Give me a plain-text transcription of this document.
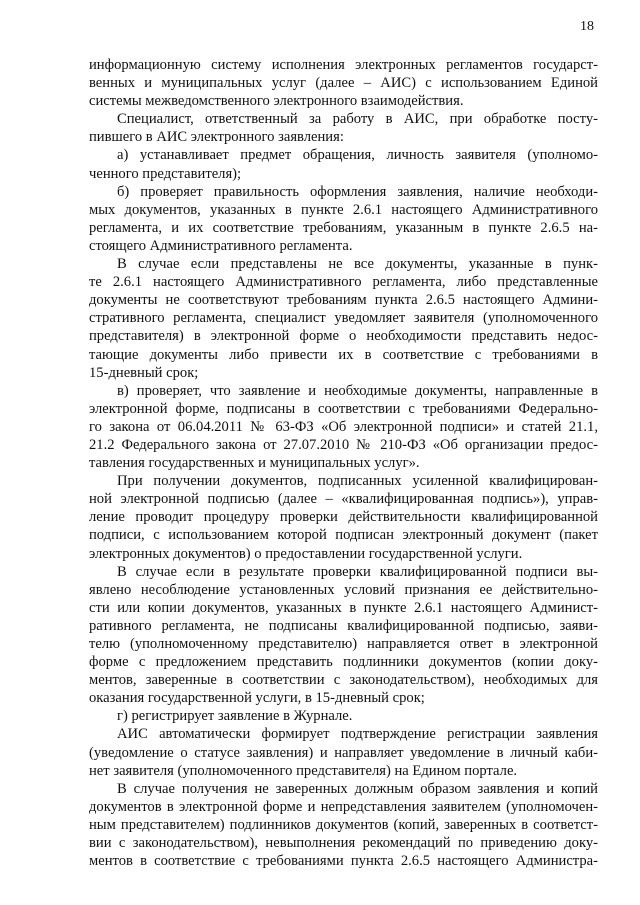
18

информационную систему исполнения электронных регламентов государст-
венных и муниципальных услуг (далее – АИС) с использованием Единой
системы межведомственного электронного взаимодействия.

Специалист, ответственный за работу в АИС, при обработке посту-
пившего в АИС электронного заявления:

а) устанавливает предмет обращения, личность заявителя (уполномо-
ченного представителя);

б) проверяет правильность оформления заявления, наличие необходи-
мых документов, указанных в пункте 2.6.1 настоящего Административного
регламента, и их соответствие требованиям, указанным в пункте 2.6.5 на-
стоящего Административного регламента.

В случае если представлены не все документы, указанные в пунк-
те 2.6.1 настоящего Административного регламента, либо представленные
документы не соответствуют требованиям пункта 2.6.5 настоящего Админи-
стративного регламента, специалист уведомляет заявителя (уполномоченного
представителя) в электронной форме о необходимости представить недос-
тающие документы либо привести их в соответствие с требованиями в
15-дневный срок;

в) проверяет, что заявление и необходимые документы, направленные в
электронной форме, подписаны в соответствии с требованиями Федерально-
го закона от 06.04.2011 № 63-ФЗ «Об электронной подписи» и статей 21.1,
21.2 Федерального закона от 27.07.2010 № 210-ФЗ «Об организации предос-
тавления государственных и муниципальных услуг».

При получении документов, подписанных усиленной квалифицирован-
ной электронной подписью (далее – «квалифицированная подпись»), управ-
ление проводит процедуру проверки действительности квалифицированной
подписи, с использованием которой подписан электронный документ (пакет
электронных документов) о предоставлении государственной услуги.

В случае если в результате проверки квалифицированной подписи вы-
явлено несоблюдение установленных условий признания ее действительно-
сти или копии документов, указанных в пункте 2.6.1 настоящего Админист-
ративного регламента, не подписаны квалифицированной подписью, заяви-
телю (уполномоченному представителю) направляется ответ в электронной
форме с предложением представить подлинники документов (копии доку-
ментов, заверенные в соответствии с законодательством), необходимых для
оказания государственной услуги, в 15-дневный срок;

г) регистрирует заявление в Журнале.

АИС автоматически формирует подтверждение регистрации заявления
(уведомление о статусе заявления) и направляет уведомление в личный каби-
нет заявителя (уполномоченного представителя) на Едином портале.

В случае получения не заверенных должным образом заявления и копий
документов в электронной форме и непредставления заявителем (уполномочен-
ным представителем) подлинников документов (копий, заверенных в соответст-
вии с законодательством), невыполнения рекомендаций по приведению доку-
ментов в соответствие с требованиями пункта 2.6.5 настоящего Администра-
